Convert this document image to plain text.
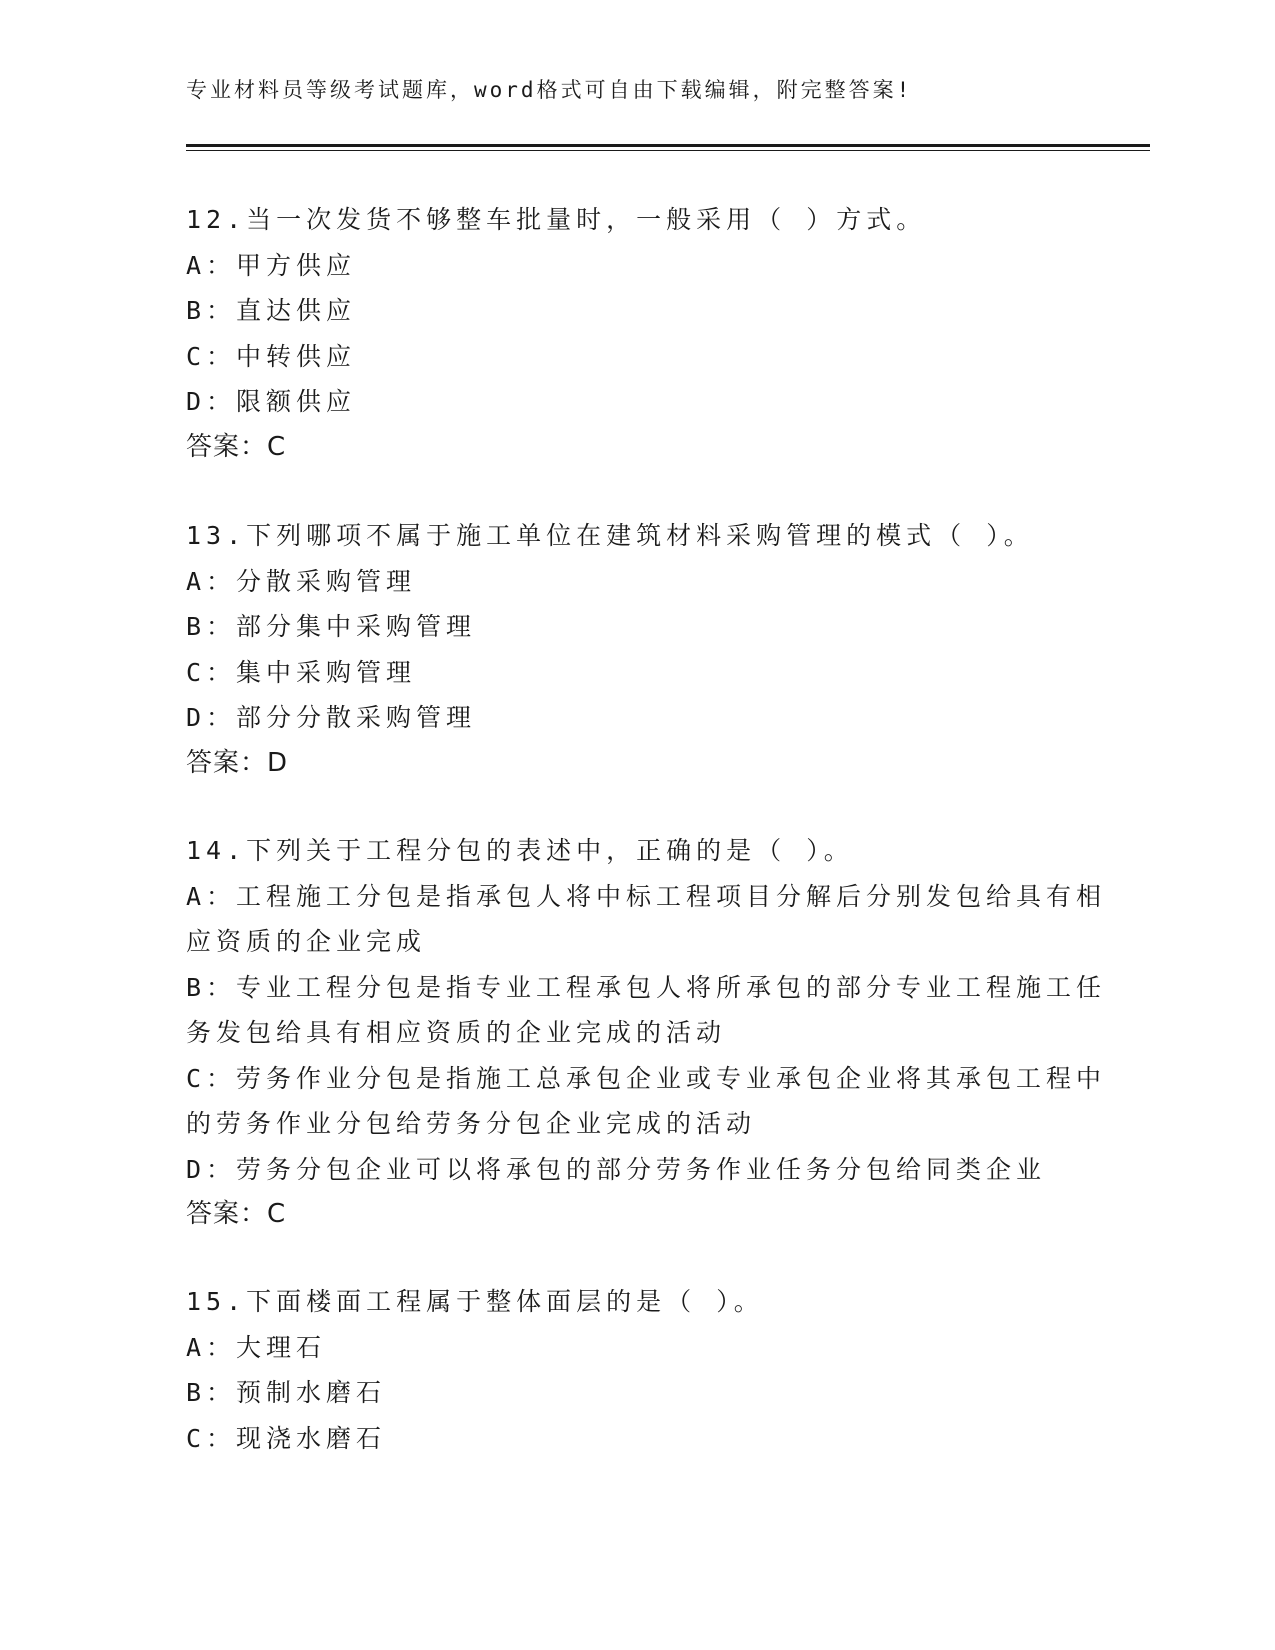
专业材料员等级考试题库，word格式可自由下载编辑，附完整答案!
12.当一次发货不够整车批量时，一般采用（ ）方式。
A：甲方供应
B：直达供应
C：中转供应
D：限额供应
答案：C
13.下列哪项不属于施工单位在建筑材料采购管理的模式（ ）。
A：分散采购管理
B：部分集中采购管理
C：集中采购管理
D：部分分散采购管理
答案：D
14.下列关于工程分包的表述中，正确的是（ ）。
A：工程施工分包是指承包人将中标工程项目分解后分别发包给具有相
应资质的企业完成
B：专业工程分包是指专业工程承包人将所承包的部分专业工程施工任
务发包给具有相应资质的企业完成的活动
C：劳务作业分包是指施工总承包企业或专业承包企业将其承包工程中
的劳务作业分包给劳务分包企业完成的活动
D：劳务分包企业可以将承包的部分劳务作业任务分包给同类企业
答案：C
15.下面楼面工程属于整体面层的是（ ）。
A：大理石
B：预制水磨石
C：现浇水磨石
